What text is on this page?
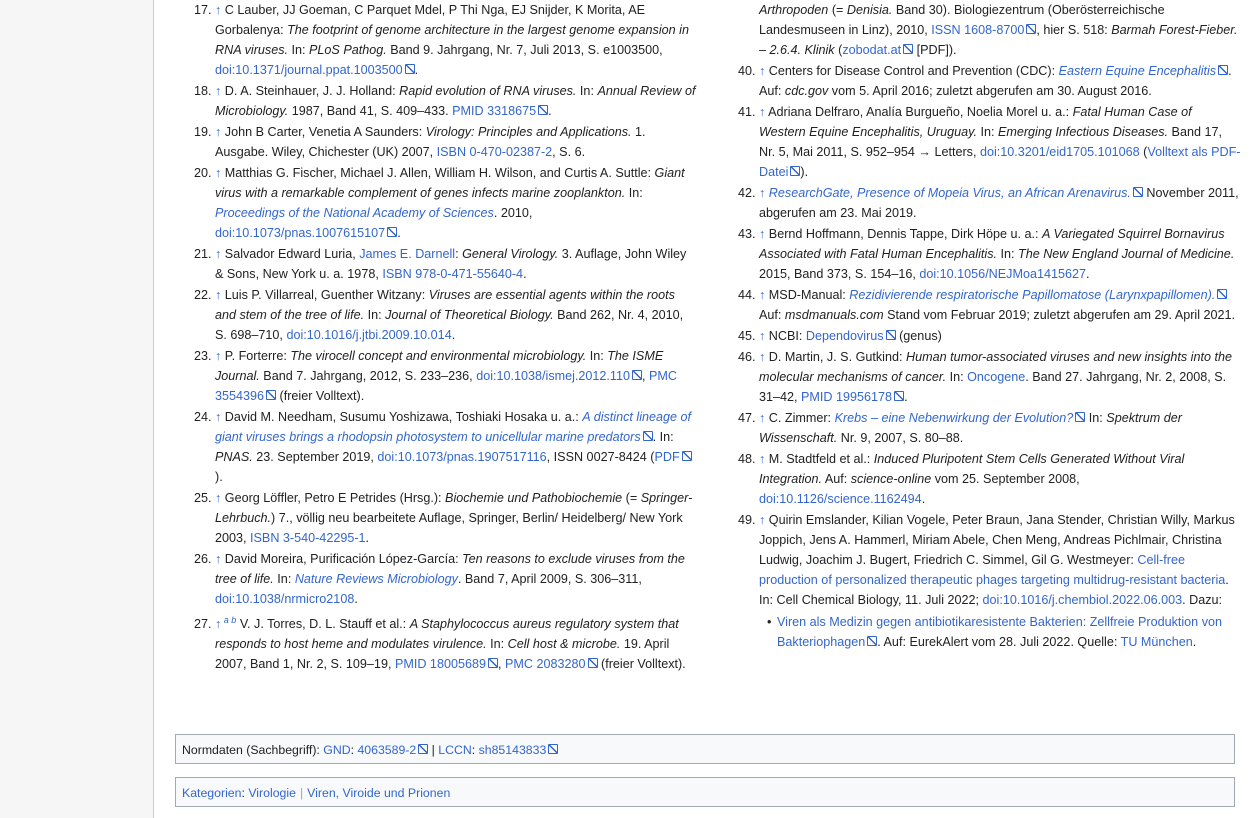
17. ↑ C Lauber, JJ Goeman, C Parquet Mdel, P Thi Nga, EJ Snijder, K Morita, AE Gorbalenya: The footprint of genome architecture in the largest genome expansion in RNA viruses. In: PLoS Pathog. Band 9. Jahrgang, Nr. 7, Juli 2013, S. e1003500, doi:10.1371/journal.ppat.1003500 .
18. ↑ D. A. Steinhauer, J. J. Holland: Rapid evolution of RNA viruses. In: Annual Review of Microbiology. 1987, Band 41, S. 409–433. PMID 3318675 .
19. ↑ John B Carter, Venetia A Saunders: Virology: Principles and Applications. 1. Ausgabe. Wiley, Chichester (UK) 2007, ISBN 0-470-02387-2, S. 6.
20. ↑ Matthias G. Fischer, Michael J. Allen, William H. Wilson, and Curtis A. Suttle: Giant virus with a remarkable complement of genes infects marine zooplankton. In: Proceedings of the National Academy of Sciences. 2010, doi:10.1073/pnas.1007615107 .
21. ↑ Salvador Edward Luria, James E. Darnell: General Virology. 3. Auflage, John Wiley & Sons, New York u. a. 1978, ISBN 978-0-471-55640-4.
22. ↑ Luis P. Villarreal, Guenther Witzany: Viruses are essential agents within the roots and stem of the tree of life. In: Journal of Theoretical Biology. Band 262, Nr. 4, 2010, S. 698–710, doi:10.1016/j.jtbi.2009.10.014.
23. ↑ P. Forterre: The virocell concept and environmental microbiology. In: The ISME Journal. Band 7. Jahrgang, 2012, S. 233–236, doi:10.1038/ismej.2012.110 , PMC 3554396 (freier Volltext).
24. ↑ David M. Needham, Susumu Yoshizawa, Toshiaki Hosaka u. a.: A distinct lineage of giant viruses brings a rhodopsin photosystem to unicellular marine predators . In: PNAS. 23. September 2019, doi:10.1073/pnas.1907517116, ISSN 0027-8424 (PDF).
25. ↑ Georg Löffler, Petro E Petrides (Hrsg.): Biochemie und Pathobiochemie (= Springer-Lehrbuch.) 7., völlig neu bearbeitete Auflage, Springer, Berlin/ Heidelberg/ New York 2003, ISBN 3-540-42295-1.
26. ↑ David Moreira, Purificación López-García: Ten reasons to exclude viruses from the tree of life. In: Nature Reviews Microbiology. Band 7, April 2009, S. 306–311, doi:10.1038/nrmicro2108.
27. ↑ $^{a b}$ V. J. Torres, D. L. Stauff et al.: A Staphylococcus aureus regulatory system that responds to host heme and modulates virulence. In: Cell host & microbe. 19. April 2007, Band 1, Nr. 2, S. 109–19, PMID 18005689 , PMC 2083280 (freier Volltext).
Arthropoden (= Denisia. Band 30). Biologiezentrum (Oberösterreichische Landesmuseen in Linz), 2010, ISSN 1608-8700 , hier S. 518: Barmah Forest-Fieber. – 2.6.4. Klinik (zobodat.at [PDF]).
40. ↑ Centers for Disease Control and Prevention (CDC): Eastern Equine Encephalitis . Auf: cdc.gov vom 5. April 2016; zuletzt abgerufen am 30. August 2016.
41. ↑ Adriana Delfraro, Analía Burgueño, Noelia Morel u. a.: Fatal Human Case of Western Equine Encephalitis, Uruguay. In: Emerging Infectious Diseases. Band 17, Nr. 5, Mai 2011, S. 952–954 → Letters, doi:10.3201/eid1705.101068 (Volltext als PDF-Datei ).
42. ↑ ResearchGate, Presence of Mopeia Virus, an African Arenavirus. November 2011, abgerufen am 23. Mai 2019.
43. ↑ Bernd Hoffmann, Dennis Tappe, Dirk Höpe u. a.: A Variegated Squirrel Bornavirus Associated with Fatal Human Encephalitis. In: The New England Journal of Medicine. 2015, Band 373, S. 154–16, doi:10.1056/NEJMoa1415627.
44. ↑ MSD-Manual: Rezidivierende respiratorische Papillomatose (Larynxpapillomen). Auf: msdmanuals.com Stand vom Februar 2019; zuletzt abgerufen am 29. April 2021.
45. ↑ NCBI: Dependovirus (genus)
46. ↑ D. Martin, J. S. Gutkind: Human tumor-associated viruses and new insights into the molecular mechanisms of cancer. In: Oncogene. Band 27. Jahrgang, Nr. 2, 2008, S. 31–42, PMID 19956178 .
47. ↑ C. Zimmer: Krebs – eine Nebenwirkung der Evolution? In: Spektrum der Wissenschaft. Nr. 9, 2007, S. 80–88.
48. ↑ M. Stadtfeld et al.: Induced Pluripotent Stem Cells Generated Without Viral Integration. Auf: science-online vom 25. September 2008, doi:10.1126/science.1162494.
49. ↑ Quirin Emslander, Kilian Vogele, Peter Braun, Jana Stender, Christian Willy, Markus Joppich, Jens A. Hammerl, Miriam Abele, Chen Meng, Andreas Pichlmair, Christina Ludwig, Joachim J. Bugert, Friedrich C. Simmel, Gil G. Westmeyer: Cell-free production of personalized therapeutic phages targeting multidrug-resistant bacteria. In: Cell Chemical Biology, 11. Juli 2022; doi:10.1016/j.chembiol.2022.06.003. Dazu:
• Viren als Medizin gegen antibiotikaresistente Bakterien: Zellfreie Produktion von Bakteriophagen . Auf: EurekAlert vom 28. Juli 2022. Quelle: TU München.
Normdaten (Sachbegriff): GND: 4063589-2 | LCCN: sh85143833
Kategorien: Virologie | Viren, Viroide und Prionen
